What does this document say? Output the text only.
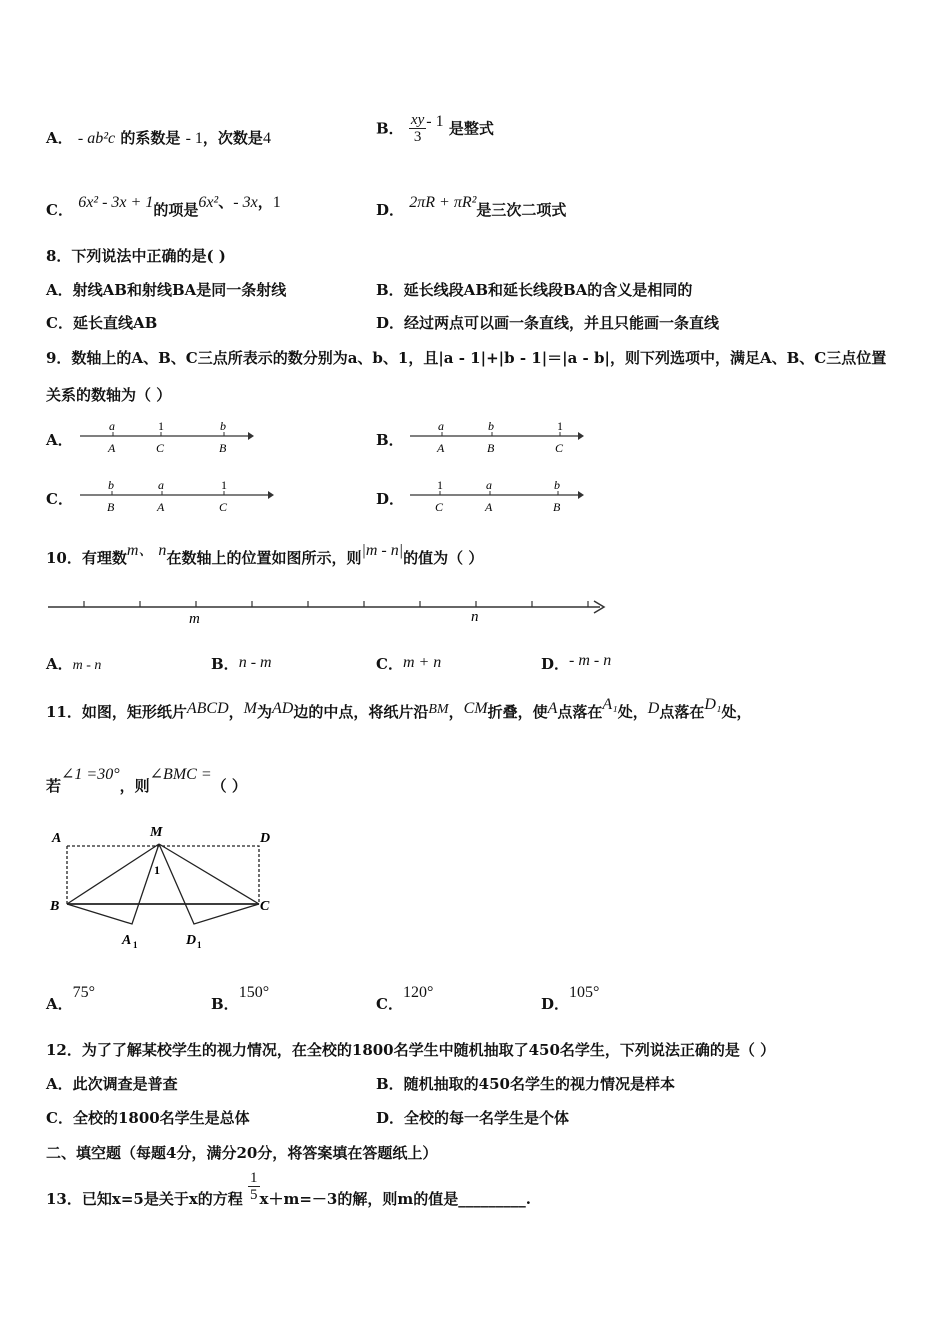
A． - ab²c 的系数是 - 1，次数是4
B． $\frac{xy}{3} - 1$ 是整式
C． 6x² - 3x + 1的项是6x²、- 3x，1	D． 2πR + πR²是三次二项式
8．下列说法中正确的是( )
A．射线AB和射线BA是同一条射线	B．延长线段AB和延长线段BA的含义是相同的
C．延长直线AB	D．经过两点可以画一条直线，并且只能画一条直线
9．数轴上的A、B、C三点所表示的数分别为a、b、1，且|a - 1|+|b - 1|＝|a - b|，则下列选项中，满足A、B、C三点位置
关系的数轴为（ ）
A．
a	1	b
A	C	B	B．
a	b	1
A	B	C
C．
b	a	1
B	A	C	D．
1	a	b
C	A	B
10．有理数m、 n在数轴上的位置如图所示，则|m - n|的值为（ ）
m	n
A．m - n	B．n - m	C．m + n	D．- m - n
11．如图，矩形纸片ABCD，M为AD边的中点，将纸片沿BM，CM折叠，使A点落在A₁处，D点落在D₁处，
若∠1 =30°，则∠BMC =（ ）
A	M	D
B	C
1
A 1	D 1
A．75°
B．150°
C．120°
D．105°
12．为了了解某校学生的视力情况，在全校的1800名学生中随机抽取了450名学生，下列说法正确的是（ ）
A．此次调查是普查	B．随机抽取的450名学生的视力情况是样本
C．全校的1800名学生是总体	D．全校的每一名学生是个体
二、填空题（每题4分，满分20分，将答案填在答题纸上）
13．已知x=5是关于x的方程 $\frac{1}{5} x+m=-3$的解，则m的值是_________.
